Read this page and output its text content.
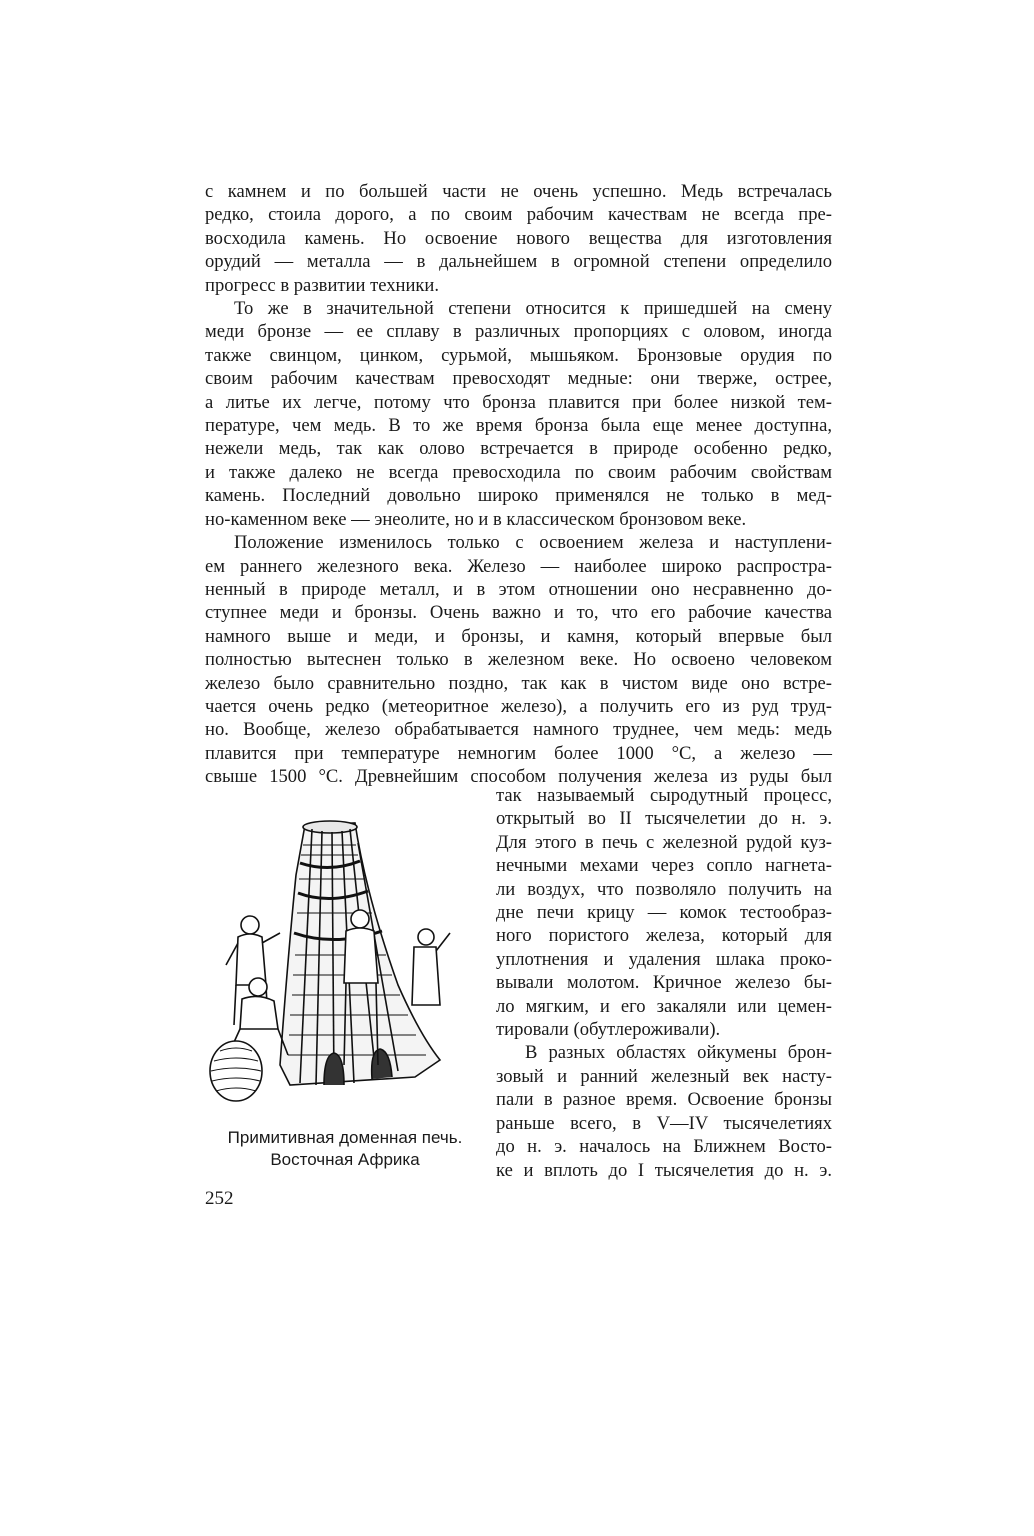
с камнем и по большей части не очень успешно. Медь встречалась
редко, стоила дорого, а по своим рабочим качествам не всегда пре-
восходила камень. Но освоение нового вещества для изготовления
орудий — металла — в дальнейшем в огромной степени определило
прогресс в развитии техники.
То же в значительной степени относится к пришедшей на смену
меди бронзе — ее сплаву в различных пропорциях с оловом, иногда
также свинцом, цинком, сурьмой, мышьяком. Бронзовые орудия по
своим рабочим качествам превосходят медные: они тверже, острее,
а литье их легче, потому что бронза плавится при более низкой тем-
пературе, чем медь. В то же время бронза была еще менее доступна,
нежели медь, так как олово встречается в природе особенно редко,
и также далеко не всегда превосходила по своим рабочим свойствам
камень. Последний довольно широко применялся не только в мед-
но-каменном веке — энеолите, но и в классическом бронзовом веке.
Положение изменилось только с освоением железа и наступлени-
ем раннего железного века. Железо — наиболее широко распростра-
ненный в природе металл, и в этом отношении оно несравненно до-
ступнее меди и бронзы. Очень важно и то, что его рабочие качества
намного выше и меди, и бронзы, и камня, который впервые был
полностью вытеснен только в железном веке. Но освоено человеком
железо было сравнительно поздно, так как в чистом виде оно встре-
чается очень редко (метеоритное железо), а получить его из руд труд-
но. Вообще, железо обрабатывается намного труднее, чем медь: медь
плавится при температуре немногим более 1000 °С, а железо —
свыше 1500 °С. Древнейшим способом получения железа из руды был
так называемый сыродутный процесс,
открытый во II тысячелетии до н. э.
Для этого в печь с железной рудой куз-
нечными мехами через сопло нагнета-
ли воздух, что позволяло получить на
дне печи крицу — комок тестообраз-
ного пористого железа, который для
уплотнения и удаления шлака проко-
вывали молотом. Кричное железо бы-
ло мягким, и его закаляли или цемен-
тировали (обутлероживали).
В разных областях ойкумены брон-
зовый и ранний железный век насту-
пали в разное время. Освоение бронзы
раньше всего, в V—IV тысячелетиях
до н. э. началось на Ближнем Восто-
ке и вплоть до I тысячелетия до н. э.
Примитивная доменная печь.
Восточная Африка
252
